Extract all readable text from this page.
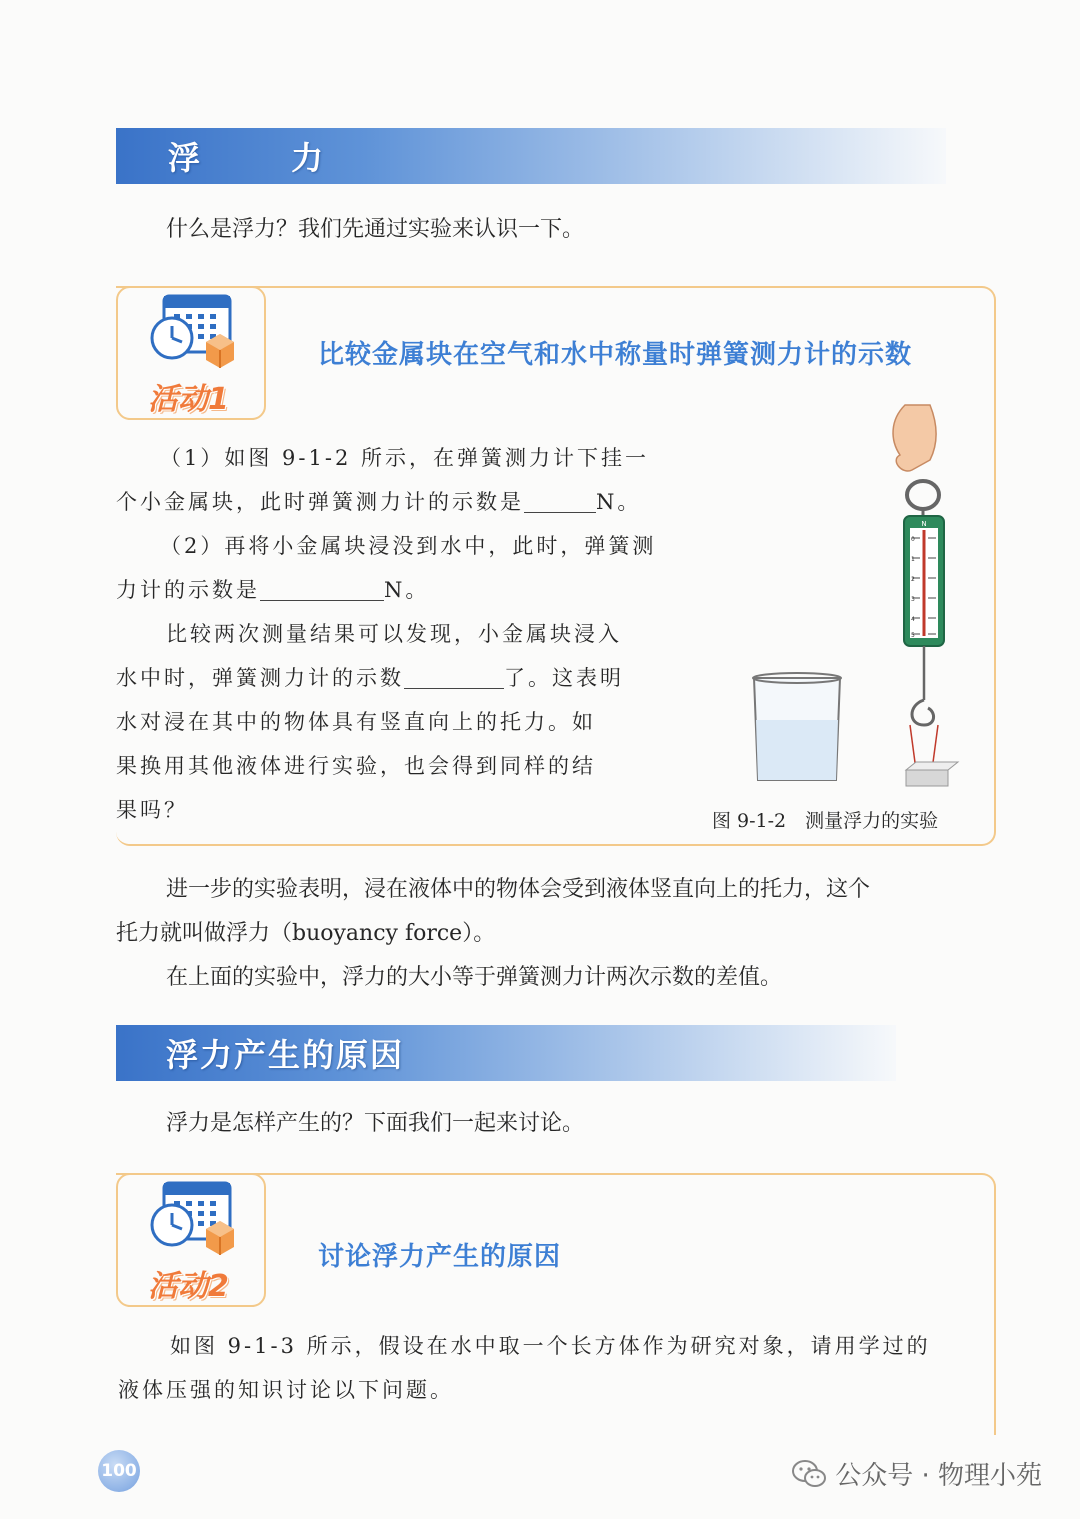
浮 力
什么是浮力？我们先通过实验来认识一下。
活动1
比较金属块在空气和水中称量时弹簧测力计的示数
（1）如图 9-1-2 所示，在弹簧测力计下挂一
个小金属块，此时弹簧测力计的示数是	N。
（2）再将小金属块浸没到水中，此时，弹簧测
力计的示数是	N。
比较两次测量结果可以发现，小金属块浸入
水中时，弹簧测力计的示数	了。这表明
水对浸在其中的物体具有竖直向上的托力。如
果换用其他液体进行实验，也会得到同样的结
果吗？
N
0
1
2
3
4
5
图 9-1-2　测量浮力的实验
进一步的实验表明，浸在液体中的物体会受到液体竖直向上的托力，这个
托力就叫做浮力（buoyancy force）。
在上面的实验中，浮力的大小等于弹簧测力计两次示数的差值。
浮力产生的原因
浮力是怎样产生的？下面我们一起来讨论。
活动2
讨论浮力产生的原因
如图 9-1-3 所示，假设在水中取一个长方体作为研究对象，请用学过的
液体压强的知识讨论以下问题。
100	公众号 · 物理小苑
